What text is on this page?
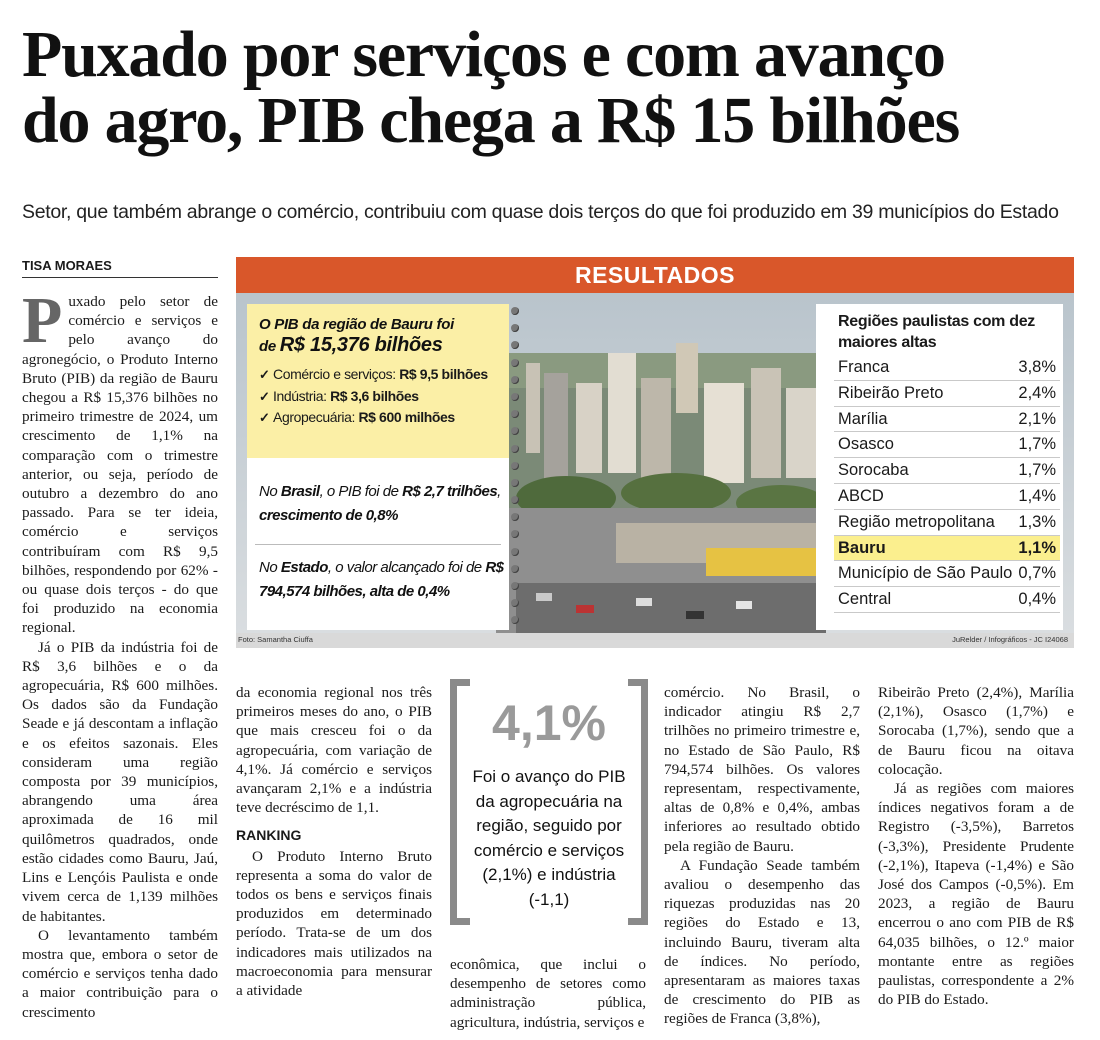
Puxado por serviços e com avanço
do agro, PIB chega a R$ 15 bilhões
Setor, que também abrange o comércio, contribuiu com quase dois terços do que foi produzido em 39 municípios do Estado
TISA MORAES

Puxado pelo setor de comércio e serviços e pelo avanço do agronegócio, o Produto Interno Bruto (PIB) da região de Bauru chegou a R$ 15,376 bilhões no primeiro trimestre de 2024, um crescimento de 1,1% na comparação com o trimestre anterior, ou seja, período de outubro a dezembro do ano passado. Para se ter ideia, comércio e serviços contribuíram com R$ 9,5 bilhões, respondendo por 62% - ou quase dois terços - do que foi produzido na economia regional.

Já o PIB da indústria foi de R$ 3,6 bilhões e o da agropecuária, R$ 600 milhões. Os dados são da Fundação Seade e já descontam a inflação e os efeitos sazonais. Eles consideram uma região composta por 39 municípios, abrangendo uma área aproximada de 16 mil quilômetros quadrados, onde estão cidades como Bauru, Jaú, Lins e Lençóis Paulista e onde vivem cerca de 1,139 milhões de habitantes.

O levantamento também mostra que, embora o setor de comércio e serviços tenha dado a maior contribuição para o crescimento

RESULTADOS
O PIB da região de Bauru foi
de R$ 15,376 bilhões
✓ Comércio e serviços: R$ 9,5 bilhões
✓ Indústria: R$ 3,6 bilhões
✓ Agropecuária: R$ 600 milhões
No Brasil, o PIB foi de R$ 2,7 trilhões, crescimento de 0,8%
No Estado, o valor alcançado foi de R$ 794,574 bilhões, alta de 0,4%
Regiões paulistas com dez maiores altas
Franca	3,8%
Ribeirão Preto	2,4%
Marília	2,1%
Osasco	1,7%
Sorocaba	1,7%
ABCD	1,4%
Região metropolitana 1,3%
Bauru	1,1%
Município de São Paulo 0,7%
Central	0,4%
Foto: Samantha Ciuffa	JuRelder / Infográficos - JC I24068

da economia regional nos três primeiros meses do ano, o PIB que mais cresceu foi o da agropecuária, com variação de 4,1%. Já comércio e serviços avançaram 2,1% e a indústria teve decréscimo de 1,1.

RANKING

O Produto Interno Bruto representa a soma do valor de todos os bens e serviços finais produzidos em determinado período. Trata-se de um dos indicadores mais utilizados na macroeconomia para mensurar a atividade

4,1%
Foi o avanço do PIB da agropecuária na região, seguido por comércio e serviços (2,1%) e indústria (-1,1)

econômica, que inclui o desempenho de setores como administração pública, agricultura, indústria, serviços e

comércio. No Brasil, o indicador atingiu R$ 2,7 trilhões no primeiro trimestre e, no Estado de São Paulo, R$ 794,574 bilhões. Os valores representam, respectivamente, altas de 0,8% e 0,4%, ambas inferiores ao resultado obtido pela região de Bauru.

A Fundação Seade também avaliou o desempenho das riquezas produzidas nas 20 regiões do Estado e 13, incluindo Bauru, tiveram alta de índices. No período, apresentaram as maiores taxas de crescimento do PIB as regiões de Franca (3,8%),

Ribeirão Preto (2,4%), Marília (2,1%), Osasco (1,7%) e Sorocaba (1,7%), sendo que a de Bauru ficou na oitava colocação.

Já as regiões com maiores índices negativos foram a de Registro (-3,5%), Barretos (-3,3%), Presidente Prudente (-2,1%), Itapeva (-1,4%) e São José dos Campos (-0,5%). Em 2023, a região de Bauru encerrou o ano com PIB de R$ 64,035 bilhões, o 12.º maior montante entre as regiões paulistas, correspondente a 2% do PIB do Estado.
